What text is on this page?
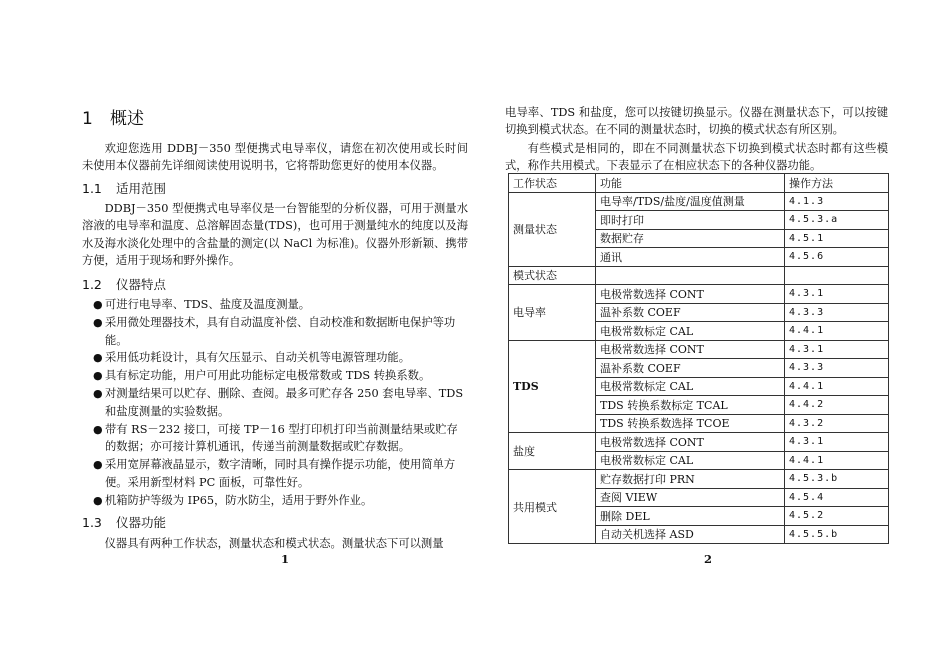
1 概述
欢迎您选用 DDBJ－350 型便携式电导率仪，请您在初次使用或长时间未使用本仪器前先详细阅读使用说明书，它将帮助您更好的使用本仪器。
1.1 适用范围
DDBJ－350 型便携式电导率仪是一台智能型的分析仪器，可用于测量水溶液的电导率和温度、总溶解固态量(TDS)，也可用于测量纯水的纯度以及海水及海水淡化处理中的含盐量的测定(以 NaCl 为标准)。仪器外形新颖、携带方便，适用于现场和野外操作。
1.2 仪器特点
● 可进行电导率、TDS、盐度及温度测量。
● 采用微处理器技术，具有自动温度补偿、自动校准和数据断电保护等功能。
● 采用低功耗设计，具有欠压显示、自动关机等电源管理功能。
● 具有标定功能，用户可用此功能标定电极常数或 TDS 转换系数。
● 对测量结果可以贮存、删除、查阅。最多可贮存各 250 套电导率、TDS 和盐度测量的实验数据。
● 带有 RS－232 接口，可接 TP－16 型打印机打印当前测量结果或贮存的数据；亦可接计算机通讯，传递当前测量数据或贮存数据。
● 采用宽屏幕液晶显示，数字清晰，同时具有操作提示功能，使用简单方便。采用新型材料 PC 面板，可靠性好。
● 机箱防护等级为 IP65，防水防尘，适用于野外作业。
1.3 仪器功能
仪器具有两种工作状态，测量状态和模式状态。测量状态下可以测量
1
电导率、TDS 和盐度，您可以按键切换显示。仪器在测量状态下，可以按键切换到模式状态。在不同的测量状态时，切换的模式状态有所区别。
有些模式是相同的，即在不同测量状态下切换到模式状态时都有这些模式，称作共用模式。下表显示了在相应状态下的各种仪器功能。
工作状态	功能	操作方法
测量状态	电导率/TDS/盐度/温度值测量	4.1.3
	即时打印	4.5.3.a
	数据贮存	4.5.1
	通讯	4.5.6
模式状态		
电导率	电极常数选择 CONT	4.3.1
	温补系数 COEF	4.3.3
	电极常数标定 CAL	4.4.1
TDS	电极常数选择 CONT	4.3.1
	温补系数 COEF	4.3.3
	电极常数标定 CAL	4.4.1
	TDS 转换系数标定 TCAL	4.4.2
	TDS 转换系数选择 TCOE	4.3.2
盐度	电极常数选择 CONT	4.3.1
	电极常数标定 CAL	4.4.1
共用模式	贮存数据打印 PRN	4.5.3.b
	查阅 VIEW	4.5.4
	删除 DEL	4.5.2
	自动关机选择 ASD	4.5.5.b
2
